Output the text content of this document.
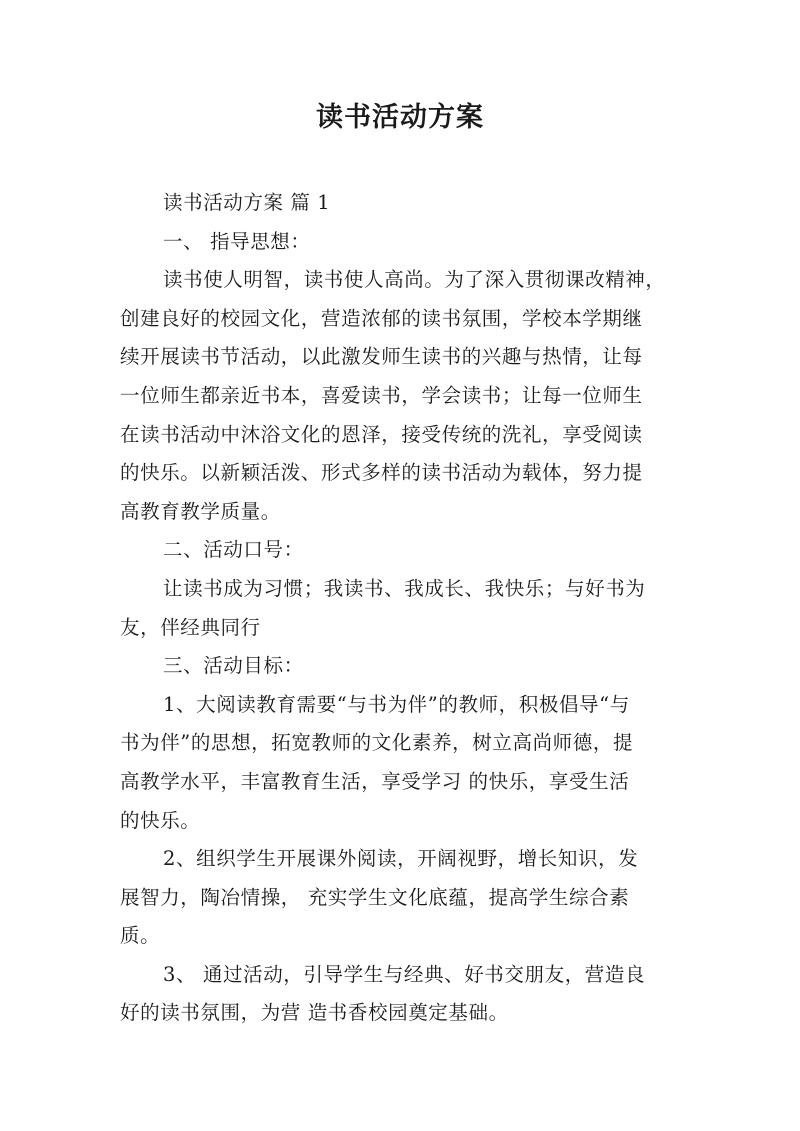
读书活动方案
读书活动方案 篇 1
一、 指导思想：
读书使人明智，读书使人高尚。为了深入贯彻课改精神，
创建良好的校园文化，营造浓郁的读书氛围，学校本学期继
续开展读书节活动，以此激发师生读书的兴趣与热情，让每
一位师生都亲近书本，喜爱读书，学会读书；让每一位师生
在读书活动中沐浴文化的恩泽，接受传统的洗礼，享受阅读
的快乐。以新颖活泼、形式多样的读书活动为载体，努力提
高教育教学质量。
二、活动口号：
让读书成为习惯；我读书、我成长、我快乐；与好书为
友，伴经典同行
三、活动目标：
1、大阅读教育需要“与书为伴”的教师，积极倡导“与
书为伴”的思想，拓宽教师的文化素养，树立高尚师德，提
高教学水平，丰富教育生活，享受学习 的快乐，享受生活
的快乐。
2、组织学生开展课外阅读，开阔视野，增长知识，发
展智力，陶冶情操， 充实学生文化底蕴，提高学生综合素
质。
3、 通过活动，引导学生与经典、好书交朋友，营造良
好的读书氛围，为营 造书香校园奠定基础。
